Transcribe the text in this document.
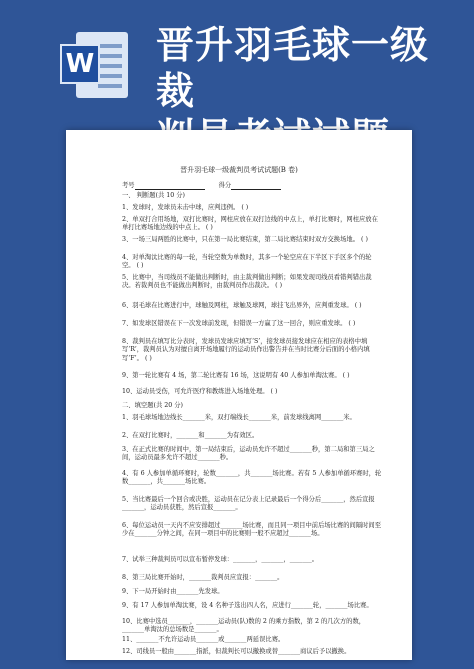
W 晋升羽毛球一级裁
晋升羽毛球一级裁判员考试试题(B 卷)
考号	得分
一、 判断题(共 10 分)
1、发球时，发球员未击中球，应判违例。 ( )
2、单双打合用场地，双打比赛时，网柱应放在双打边线的中点上，单打比赛时，网柱应放在单打比赛场地边线的中点上。 ( )
3、一场三局两胜的比赛中，只在第一局比赛结束，第二局比赛结束时双方交换场地。 ( )
4、对单淘汰比赛的每一轮，当轮空数为单数时，其多一个轮空应在下半区下手区多个的轮空。 ( )
5、比赛中，当司线员不能做出判断时，由主裁判做出判断；如果发现司线员看错判错出裁决。若裁判员也不能做出判断时，由裁判员作出裁决。 ( )
6、羽毛球在比赛进行中，球触及网柱，球触及球网，球挂飞出界外，应判重发球。 ( )
7、如发球区错误在下一次发球前发现，但错误一方赢了这一回合，则应重发球。 ( )
8、裁判员在填写比分表时，发球员发球应填写‘S’，接发球员接发球应在相应的表格中填写‘R’，裁判员认为对擅自离开场地履行的运动员作出警告并在当时比赛分后面的小格内填写‘F’。 ( )
9、第一轮比赛有 4 场，第二轮比赛有 16 场，这说明有 40 人参加单淘汰赛。 ( )
10、运动员受伤，可允许医疗和教练进入场地处理。 ( )
二、填空题(共 20 分)
1、羽毛球场地边线长_______米，双打端线长_______米，前发球线离网_______米。
2、在双打比赛时，_______和_______为有效区。
3、在正式比赛的时间中，第一局结束后，运动员允许不超过_______秒，第二局和第三局之间，运动员最多允许不超过_______秒。
4、有 6 人参加单循环赛时，轮数_______，共_______场比赛。若有 5 人参加单循环赛时，轮数_______，共_______场比赛。
5、当比赛最后一个回合或决胜，运动员在记分表上记录最后一个得分后_______，然后宣报_______，运动员获胜，然后宣报_______。
6、每位运动员一天内不应安排超过_______场比赛，而且同一项目中前后场比赛的间隔时间至少在_______分钟之间，在同一项目中的比赛则一般不应超过_______场。
7、试举三种裁判员可以宣布暂停发球：_______，_______，_______。
8、第三局比赛开始时，_______裁判员应宣报：_______。
9、下一局开始时由_______先发球。
9、有 17 人参加单淘汰赛，设 4 名种子选出四人名，应进行_______轮，_______场比赛。
10、比赛中选员_______，_______运动员(队)数的 2 的乘方指数，第 2 的几次方的数，_______单淘汰的总场数是_______。
11、_______不允许运动员_______或_______两延误比赛。
12、司线员一般由_______指派，但裁判长可以撤换或替_______商议后予以撤换。
